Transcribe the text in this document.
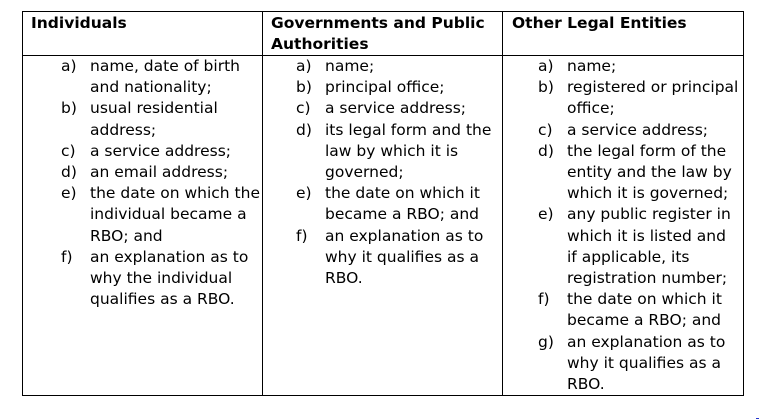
Individuals	Governments and Public Authorities	Other Legal Entities

a) name, date of birth and nationality;
b) usual residential address;
c) a service address;
d) an email address;
e) the date on which the individual became a RBO; and
f)	an explanation as to why the individual qualifies as a RBO.

a) name;
b) principal office;
c) a service address;
d) its legal form and the law by which it is governed;
e) the date on which it became a RBO; and
f)	an explanation as to why it qualifies as a RBO.

a) name;
b) registered or principal office;
c) a service address;
d) the legal form of the entity and the law by which it is governed;
e) any public register in which it is listed and if applicable, its registration number;
f)	the date on which it became a RBO; and
g) an explanation as to why it qualifies as a RBO.
